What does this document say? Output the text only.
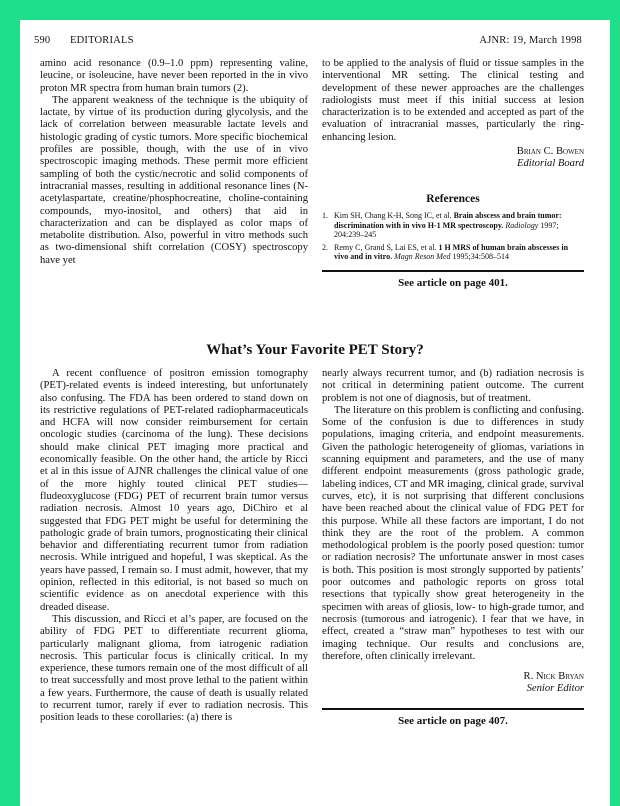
590 EDITORIALS	AJNR: 19, March 1998

amino acid resonance (0.9–1.0 ppm) representing valine, leucine, or isoleucine, have never been reported in the in vivo proton MR spectra from human brain tumors (2).

The apparent weakness of the technique is the ubiquity of lactate, by virtue of its production during glycolysis, and the lack of correlation between measurable lactate levels and histologic grading of cystic tumors. More specific biochemical profiles are possible, though, with the use of in vivo spectroscopic imaging methods. These permit more efficient sampling of both the cystic/necrotic and solid components of intracranial masses, resulting in additional resonance lines (N-acetylaspartate, creatine/phosphocreatine, choline-containing compounds, myo-inositol, and others) that aid in characterization and can be displayed as color maps of metabolite distribution. Also, powerful in vitro methods such as two-dimensional shift correlation (COSY) spectroscopy have yet

to be applied to the analysis of fluid or tissue samples in the interventional MR setting. The clinical testing and development of these newer approaches are the challenges radiologists must meet if this initial success at lesion characterization is to be extended and accepted as part of the evaluation of intracranial masses, particularly the ring-enhancing lesion.

Brian C. Bowen
Editorial Board
References
1. Kim SH, Chang K-H, Song IC, et al. Brain abscess and brain tumor: discrimination with in vivo H-1 MR spectroscopy. Radiology 1997; 204:239–245
2. Remy C, Grand S, Lai ES, et al. 1 H MRS of human brain abscesses in vivo and in vitro. Magn Reson Med 1995;34:508–514
See article on page 401.
What’s Your Favorite PET Story?

A recent confluence of positron emission tomography (PET)-related events is indeed interesting, but unfortunately also confusing. The FDA has been ordered to stand down on its restrictive regulations of PET-related radiopharmaceuticals and HCFA will now consider reimbursement for certain oncologic studies (carcinoma of the lung). These decisions should make clinical PET imaging more practical and economically feasible. On the other hand, the article by Ricci et al in this issue of AJNR challenges the clinical value of one of the more highly touted clinical PET studies—fludeoxyglucose (FDG) PET of recurrent brain tumor versus radiation necrosis. Almost 10 years ago, DiChiro et al suggested that FDG PET might be useful for determining the pathologic grade of brain tumors, prognosticating their clinical behavior and differentiating recurrent tumor from radiation necrosis. While intrigued and hopeful, I was skeptical. As the years have passed, I remain so. I must admit, however, that my opinion, reflected in this editorial, is not based so much on scientific evidence as on anecdotal experience with this dreaded disease.

This discussion, and Ricci et al’s paper, are focused on the ability of FDG PET to differentiate recurrent glioma, particularly malignant glioma, from iatrogenic radiation necrosis. This particular focus is clinically critical. In my experience, these tumors remain one of the most difficult of all to treat successfully and most prove lethal to the patient within a few years. Furthermore, the cause of death is usually related to recurrent tumor, rarely if ever to radiation necrosis. This position leads to these corollaries: (a) there is

nearly always recurrent tumor, and (b) radiation necrosis is not critical in determining patient outcome. The current problem is not one of diagnosis, but of treatment.

The literature on this problem is conflicting and confusing. Some of the confusion is due to differences in study populations, imaging criteria, and endpoint measurements. Given the pathologic heterogeneity of gliomas, variations in scanning equipment and parameters, and the use of many different endpoint measurements (gross pathologic grade, labeling indices, CT and MR imaging, clinical grade, survival curves, etc), it is not surprising that different conclusions have been reached about the clinical value of FDG PET for this purpose. While all these factors are important, I do not think they are the root of the problem. A common methodological problem is the poorly posed question: tumor or radiation necrosis? The unfortunate answer in most cases is both. This position is most strongly supported by patients’ poor outcomes and pathologic reports on gross total resections that typically show great heterogeneity in the specimen with areas of gliosis, low- to high-grade tumor, and necrosis (tumorous and iatrogenic). I fear that we have, in effect, created a “straw man” hypotheses to test with our imaging technique. Our results and conclusions are, therefore, often clinically irrelevant.

R. Nick Bryan
Senior Editor
See article on page 407.
